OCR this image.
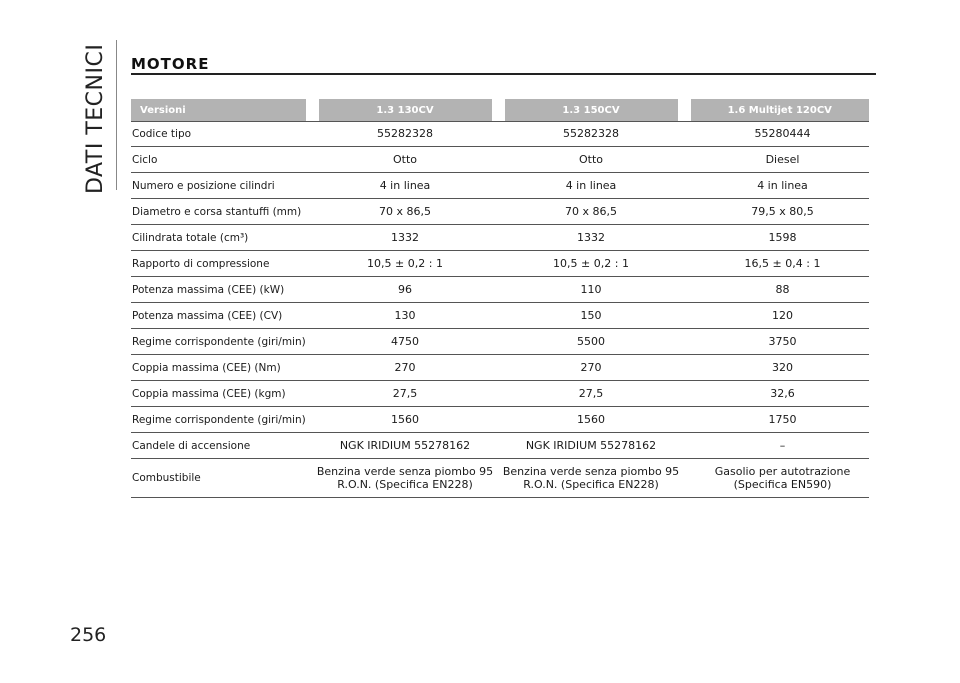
DATI TECNICI	MOTORE
Versioni	1.3 130CV	1.3 150CV	1.6 Multijet 120CV
Codice tipo	55282328	55282328	55280444
Ciclo	Otto	Otto	Diesel
Numero e posizione cilindri	4 in linea	4 in linea	4 in linea
Diametro e corsa stantuffi (mm)	70 x 86,5	70 x 86,5	79,5 x 80,5
Cilindrata totale (cm³)	1332	1332	1598
Rapporto di compressione	10,5 ± 0,2 : 1	10,5 ± 0,2 : 1	16,5 ± 0,4 : 1
Potenza massima (CEE) (kW)	96	110	88
Potenza massima (CEE) (CV)	130	150	120
Regime corrispondente (giri/min)	4750	5500	3750
Coppia massima (CEE) (Nm)	270	270	320
Coppia massima (CEE) (kgm)	27,5	27,5	32,6
Regime corrispondente (giri/min)	1560	1560	1750
Candele di accensione	NGK IRIDIUM 55278162	NGK IRIDIUM 55278162	–
Combustibile	Benzina verde senza piombo 95 R.O.N. (Specifica EN228)	Benzina verde senza piombo 95 R.O.N. (Specifica EN228)	Gasolio per autotrazione (Specifica EN590)
256
